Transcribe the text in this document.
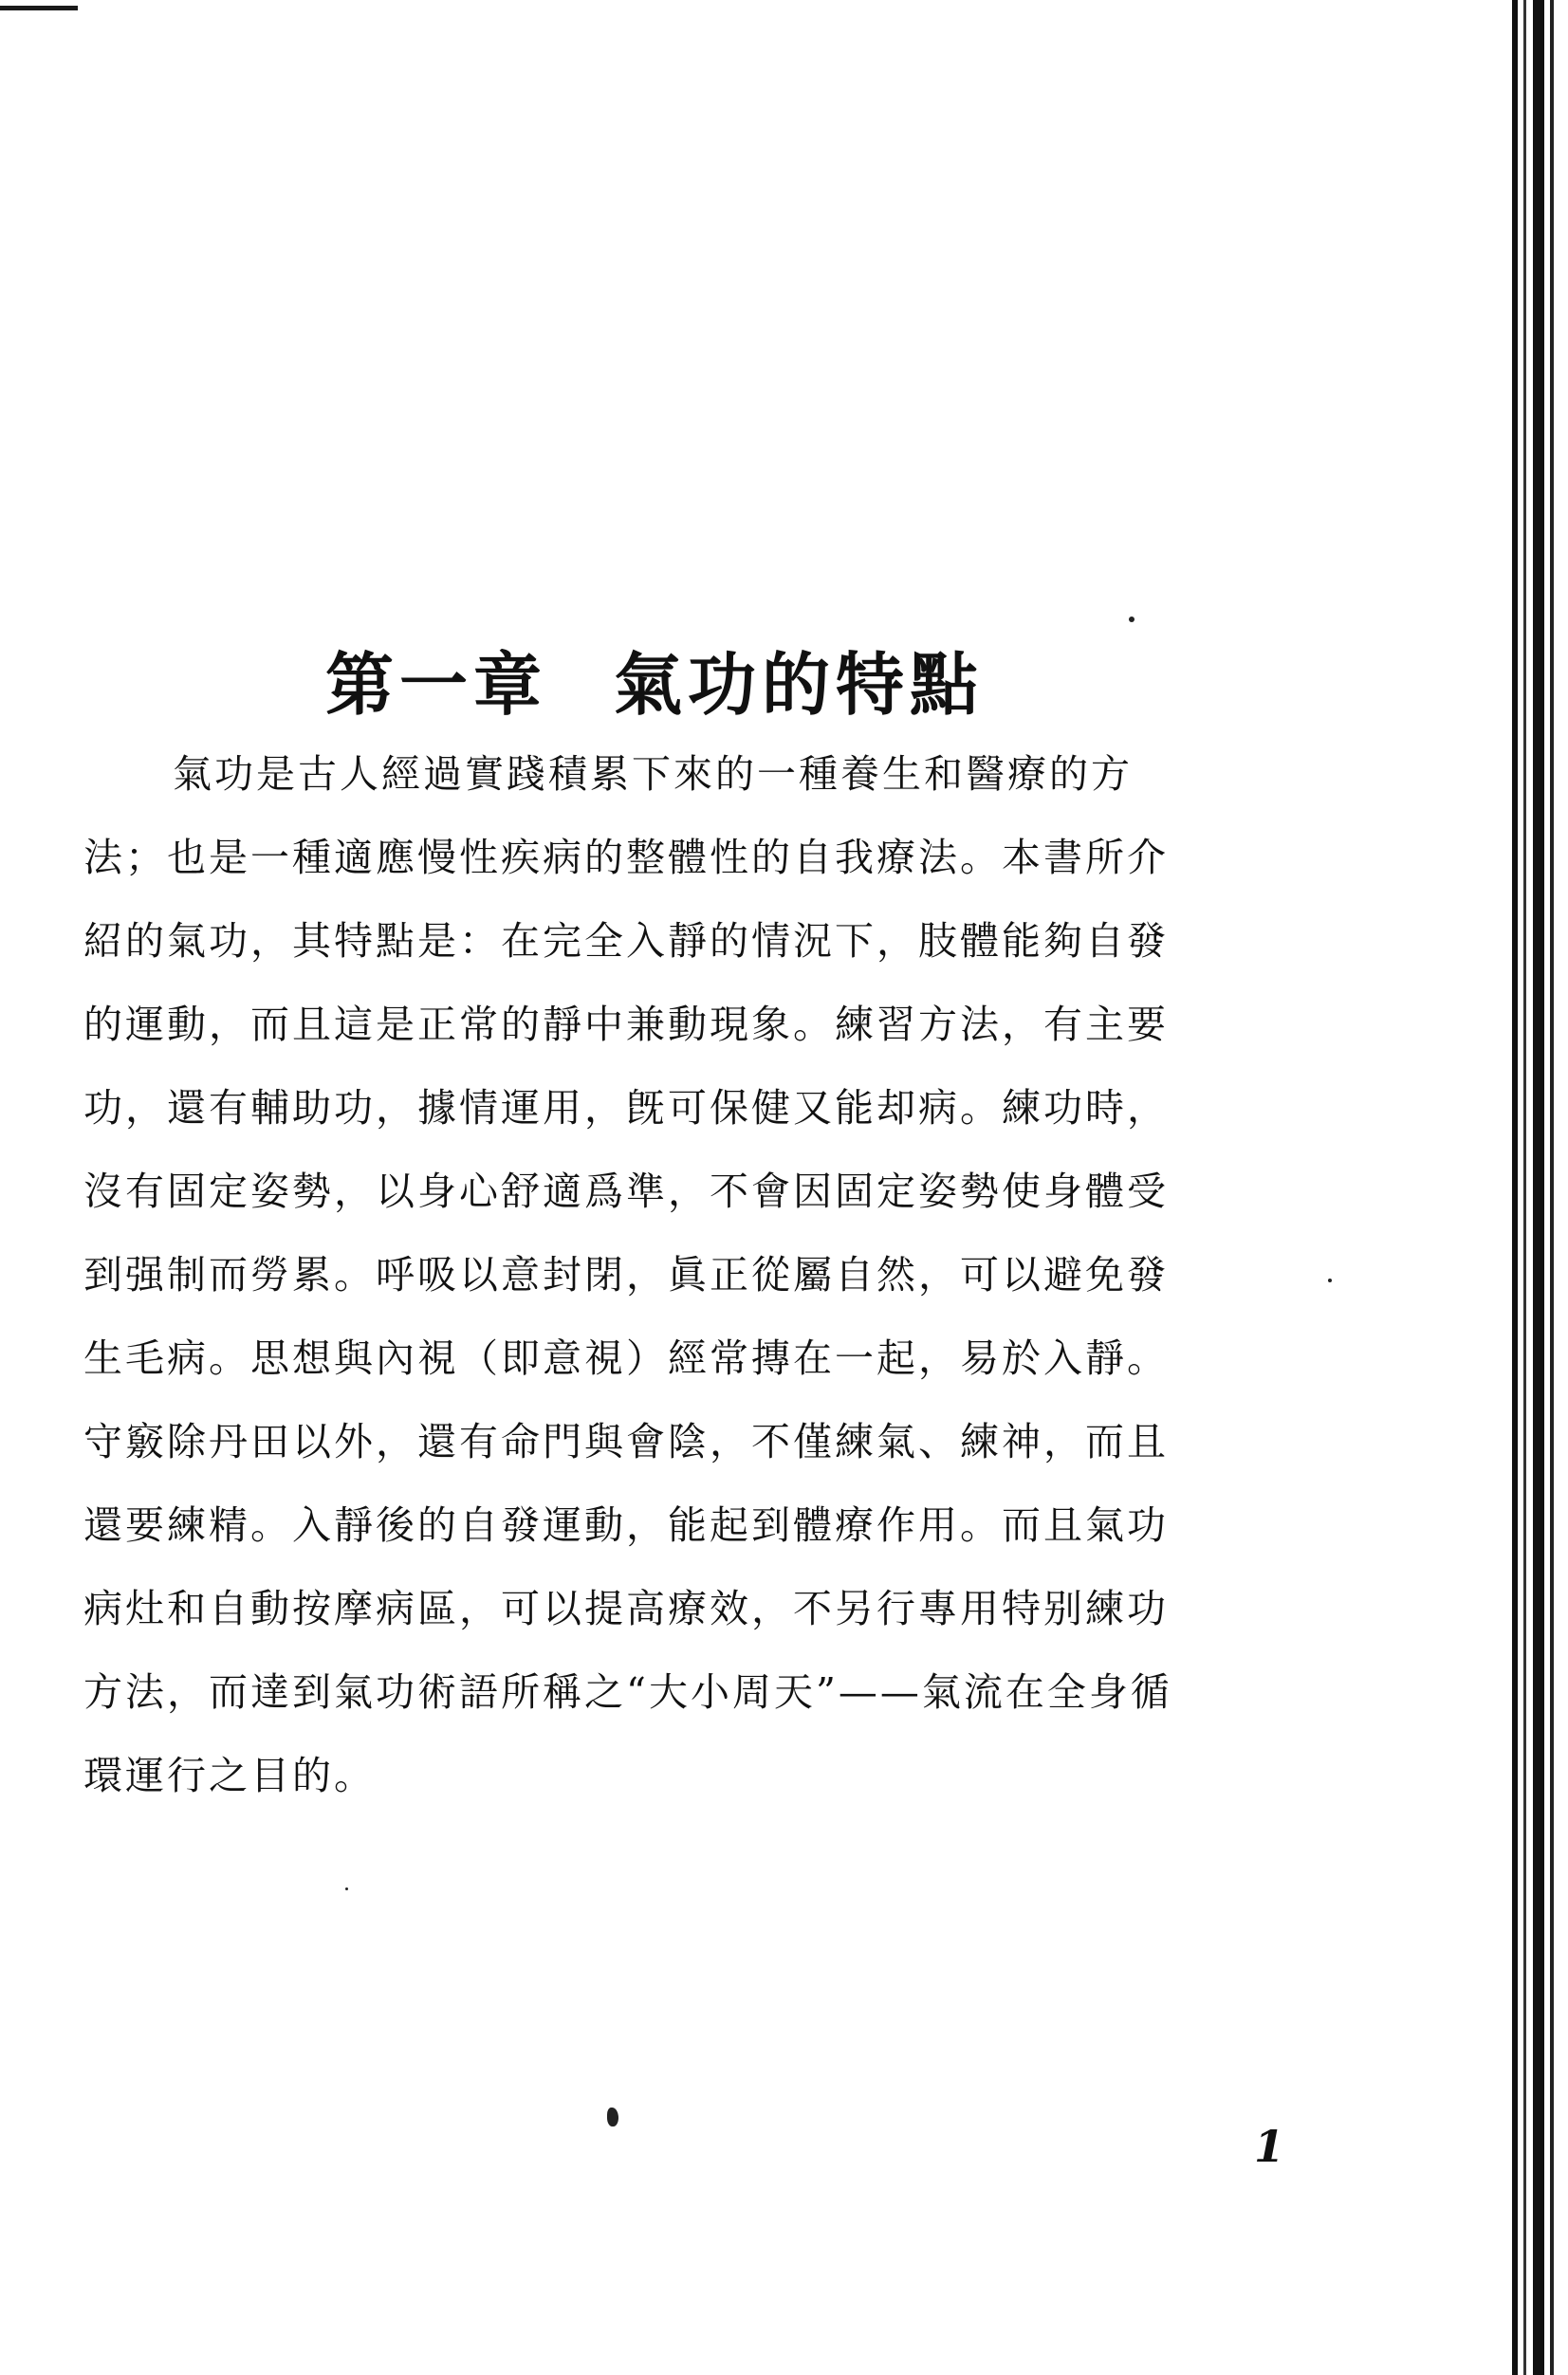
第一章 氣功的特點
氣功是古人經過實踐積累下來的一種養生和醫療的方
法；也是一種適應慢性疾病的整體性的自我療法。本書所介
紹的氣功，其特點是：在完全入靜的情況下，肢體能夠自發
的運動，而且這是正常的靜中兼動現象。練習方法，有主要
功，還有輔助功，據情運用，旣可保健又能却病。練功時，
沒有固定姿勢，以身心舒適爲準，不會因固定姿勢使身體受
到强制而勞累。呼吸以意封閉，眞正從屬自然，可以避免發
生毛病。思想與內視（即意視）經常摶在一起，易於入靜。
守竅除丹田以外，還有命門與會陰，不僅練氣、練神，而且
還要練精。入靜後的自發運動，能起到體療作用。而且氣功
病灶和自動按摩病區，可以提高療效，不另行專用特别練功
方法，而達到氣功術語所稱之“大小周天”——氣流在全身循
環運行之目的。
1
